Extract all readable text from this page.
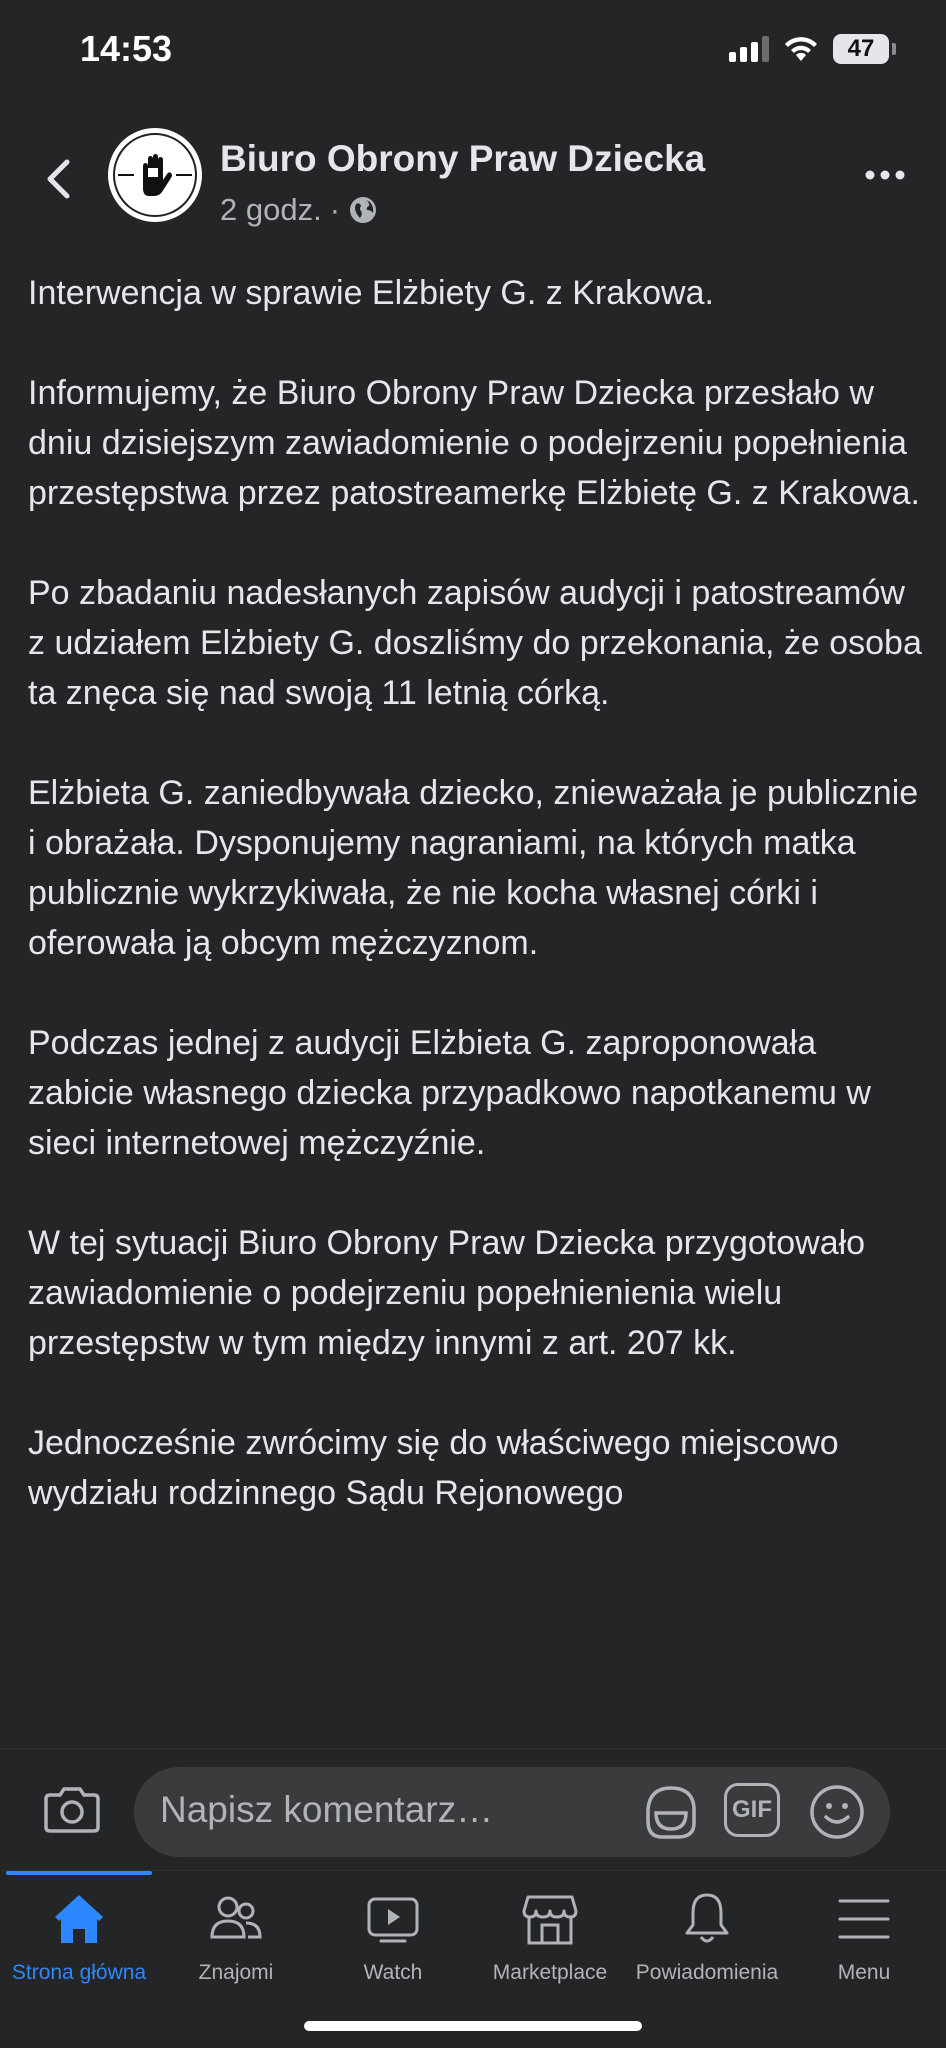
14:53	47
Biuro Obrony Praw Dziecka
2 godz. ·

Interwencja w sprawie Elżbiety G. z Krakowa.

Informujemy, że Biuro Obrony Praw Dziecka przesłało w dniu dzisiejszym zawiadomienie o podejrzeniu popełnienia przestępstwa przez patostreamerkę Elżbietę G. z Krakowa.

Po zbadaniu nadesłanych zapisów audycji i patostreamów z udziałem Elżbiety G. doszliśmy do przekonania, że osoba ta znęca się nad swoją 11 letnią córką.

Elżbieta G. zaniedbywała dziecko, znieważała je publicznie i obrażała. Dysponujemy nagraniami, na których matka publicznie wykrzykiwała, że nie kocha własnej córki i oferowała ją obcym mężczyznom.

Podczas jednej z audycji Elżbieta G. zaproponowała zabicie własnego dziecka przypadkowo napotkanemu w sieci internetowej mężczyźnie.

W tej sytuacji Biuro Obrony Praw Dziecka przygotowało zawiadomienie o podejrzeniu popełnienienia wielu przestępstw w tym między innymi z art. 207 kk.

Jednocześnie zwrócimy się do właściwego miejscowo wydziału rodzinnego Sądu Rejonowego

Napisz komentarz…	GIF
Strona główna	Znajomi	Watch	Marketplace	Powiadomienia	Menu
